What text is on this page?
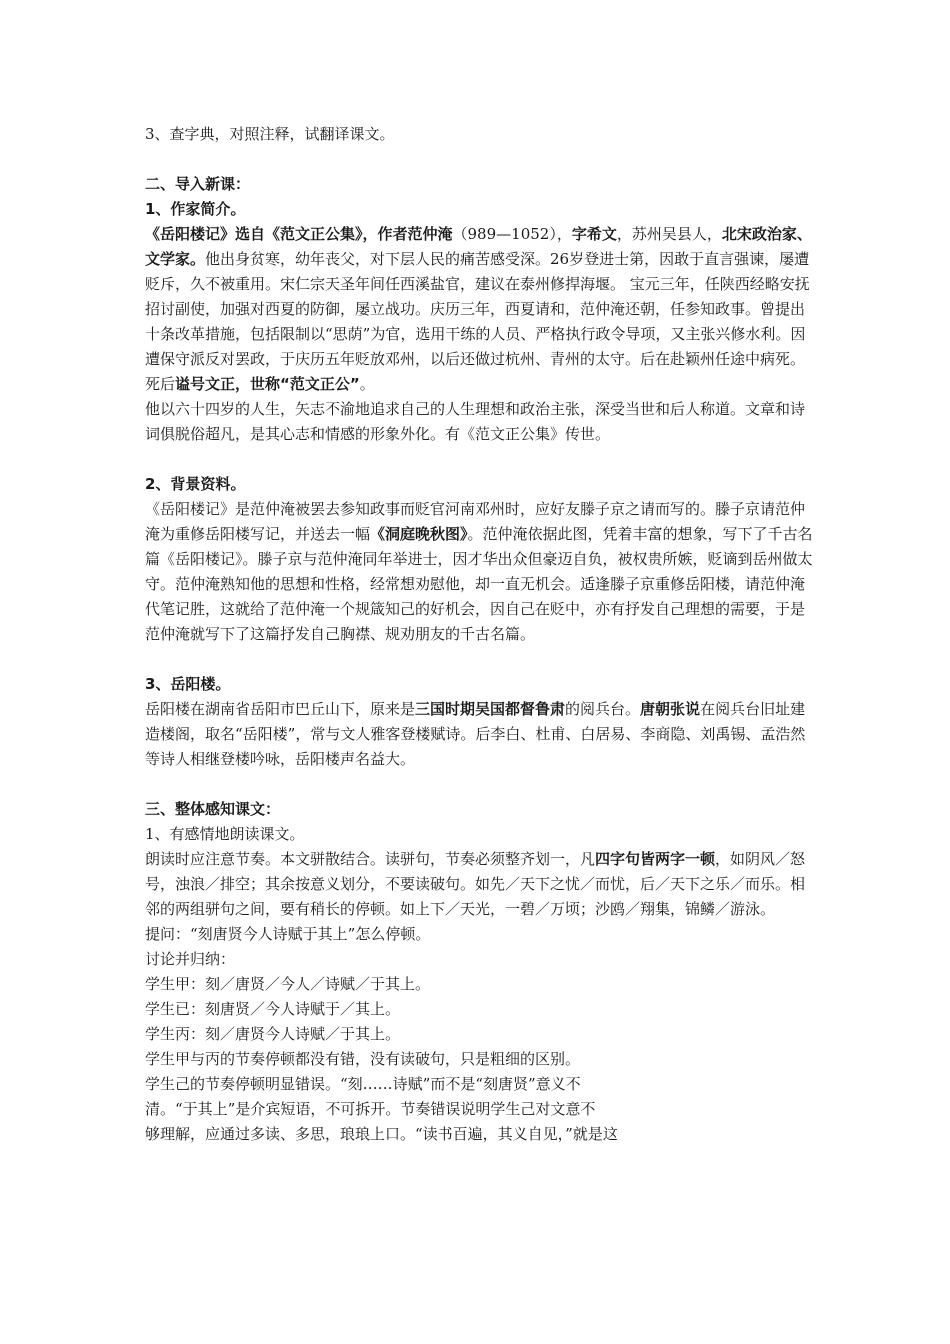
3、查字典，对照注释，试翻译课文。

二、导入新课：

1、作家简介。

《岳阳楼记》选自《范文正公集》，作者范仲淹（989—1052），字希文，苏州吴县人，北宋政治家、文学家。他出身贫寒，幼年丧父，对下层人民的痛苦感受深。26岁登进士第，因敢于直言强谏，屡遭贬斥，久不被重用。宋仁宗天圣年间任西溪盐官，建议在泰州修捍海堰。 宝元三年，任陕西经略安抚招讨副使，加强对西夏的防御，屡立战功。庆历三年，西夏请和，范仲淹还朝，任参知政事。曾提出十条改革措施，包括限制以“思荫”为官，选用干练的人员、严格执行政令导项，又主张兴修水利。因遭保守派反对罢政，于庆历五年贬放邓州，以后还做过杭州、青州的太守。后在赴颖州任途中病死。死后谥号文正，世称“范文正公”。

他以六十四岁的人生，矢志不渝地追求自己的人生理想和政治主张，深受当世和后人称道。文章和诗词俱脱俗超凡，是其心志和情感的形象外化。有《范文正公集》传世。

2、背景资料。

《岳阳楼记》是范仲淹被罢去参知政事而贬官河南邓州时，应好友滕子京之请而写的。滕子京请范仲淹为重修岳阳楼写记，并送去一幅《洞庭晚秋图》。范仲淹依据此图，凭着丰富的想象，写下了千古名篇《岳阳楼记》。滕子京与范仲淹同年举进士，因才华出众但豪迈自负，被权贵所嫉，贬谪到岳州做太守。范仲淹熟知他的思想和性格，经常想劝慰他，却一直无机会。适逢滕子京重修岳阳楼，请范仲淹代笔记胜，这就给了范仲淹一个规箴知己的好机会，因自己在贬中，亦有抒发自己理想的需要，于是范仲淹就写下了这篇抒发自己胸襟、规劝朋友的千古名篇。

3、岳阳楼。

岳阳楼在湖南省岳阳市巴丘山下，原来是三国时期吴国都督鲁肃的阅兵台。唐朝张说在阅兵台旧址建造楼阁，取名“岳阳楼”，常与文人雅客登楼赋诗。后李白、杜甫、白居易、李商隐、刘禹锡、孟浩然等诗人相继登楼吟咏，岳阳楼声名益大。

三、整体感知课文：

1、有感情地朗读课文。

朗读时应注意节奏。本文骈散结合。读骈句，节奏必须整齐划一，凡四字句皆两字一顿，如阴风／怒号，浊浪／排空；其余按意义划分，不要读破句。如先／天下之忧／而忧，后／天下之乐／而乐。相邻的两组骈句之间，要有稍长的停顿。如上下／天光，一碧／万顷；沙鸥／翔集，锦鳞／游泳。

提问：“刻唐贤今人诗赋于其上”怎么停顿。

讨论并归纳：

学生甲：刻／唐贤／今人／诗赋／于其上。

学生已：刻唐贤／今人诗赋于／其上。

学生丙：刻／唐贤今人诗赋／于其上。

学生甲与丙的节奏停顿都没有错，没有读破句，只是粗细的区别。

学生己的节奏停顿明显错误。“刻……诗赋”而不是“刻唐贤”意义不

清。“于其上”是介宾短语，不可拆开。节奏错误说明学生己对文意不

够理解，应通过多读、多思，琅琅上口。“读书百遍，其义自见，”就是这
